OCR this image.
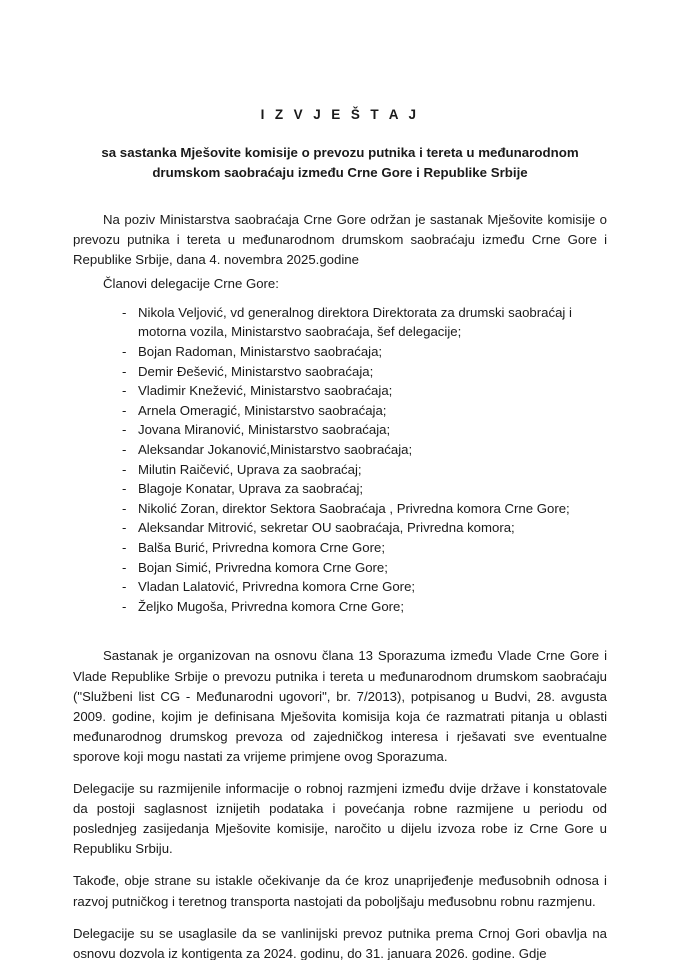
I Z V J E Š T A J
sa sastanka Mješovite komisije o prevozu putnika i tereta u međunarodnom
drumskom saobraćaju između Crne Gore i Republike Srbije

Na poziv Ministarstva saobraćaja Crne Gore održan je sastanak Mješovite komisije o prevozu putnika i tereta u međunarodnom drumskom saobraćaju između Crne Gore i Republike Srbije, dana 4. novembra 2025.godine

Članovi delegacije Crne Gore:

- Nikola Veljović, vd generalnog direktora Direktorata za drumski saobraćaj i motorna vozila, Ministarstvo saobraćaja, šef delegacije;
- Bojan Radoman, Ministarstvo saobraćaja;
- Demir Đešević, Ministarstvo saobraćaja;
- Vladimir Knežević, Ministarstvo saobraćaja;
- Arnela Omeragić, Ministarstvo saobraćaja;
- Jovana Miranović, Ministarstvo saobraćaja;
- Aleksandar Jokanović,Ministarstvo saobraćaja;
- Milutin Raičević, Uprava za saobraćaj;
- Blagoje Konatar, Uprava za saobraćaj;
- Nikolić Zoran, direktor Sektora Saobraćaja , Privredna komora Crne Gore;
- Aleksandar Mitrović, sekretar OU saobraćaja, Privredna komora;
- Balša Burić, Privredna komora Crne Gore;
- Bojan Simić, Privredna komora Crne Gore;
- Vladan Lalatović, Privredna komora Crne Gore;
- Željko Mugoša, Privredna komora Crne Gore;

Sastanak je organizovan na osnovu člana 13 Sporazuma između Vlade Crne Gore i Vlade Republike Srbije o prevozu putnika i tereta u međunarodnom drumskom saobraćaju ("Službeni list CG - Međunarodni ugovori", br. 7/2013), potpisanog u Budvi, 28. avgusta 2009. godine, kojim je definisana Mješovita komisija koja će razmatrati pitanja u oblasti međunarodnog drumskog prevoza od zajedničkog interesa i rješavati sve eventualne sporove koji mogu nastati za vrijeme primjene ovog Sporazuma.

Delegacije su razmijenile informacije o robnoj razmjeni između dvije države i konstatovale da postoji saglasnost iznijetih podataka i povećanja robne razmijene u periodu od poslednjeg zasijedanja Mješovite komisije, naročito u dijelu izvoza robe iz Crne Gore u Republiku Srbiju.

Takođe, obje strane su istakle očekivanje da će kroz unaprijeđenje međusobnih odnosa i razvoj putničkog i teretnog transporta nastojati da poboljšaju međusobnu robnu razmjenu.

Delegacije su se usaglasile da se vanlinijski prevoz putnika prema Crnoj Gori obavlja na osnovu dozvola iz kontigenta za 2024. godinu, do 31. januara 2026. godine. Gdje
